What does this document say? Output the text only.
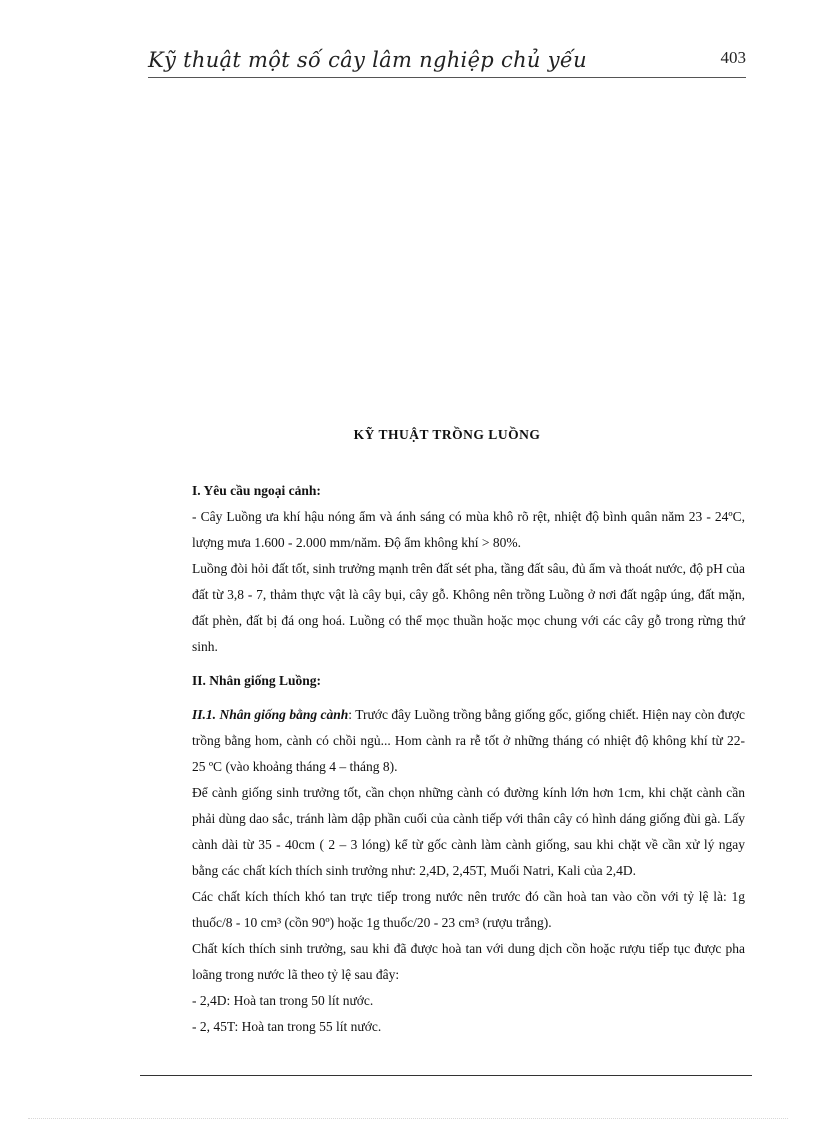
Kỹ thuật một số cây lâm nghiệp chủ yếu	403
KỸ THUẬT TRỒNG LUỒNG

I. Yêu cầu ngoại cảnh:

- Cây Luồng ưa khí hậu nóng ẩm và ánh sáng có mùa khô rõ rệt, nhiệt độ bình quân năm 23 - 24ºC, lượng mưa 1.600 - 2.000 mm/năm. Độ ẩm không khí > 80%.

Luồng đòi hỏi đất tốt, sinh trưởng mạnh trên đất sét pha, tầng đất sâu, đủ ẩm và thoát nước, độ pH của đất từ 3,8 - 7, thảm thực vật là cây bụi, cây gỗ. Không nên trồng Luồng ở nơi đất ngập úng, đất mặn, đất phèn, đất bị đá ong hoá. Luồng có thể mọc thuần hoặc mọc chung với các cây gỗ trong rừng thứ sinh.

II. Nhân giống Luồng:

II.1. Nhân giống bằng cành: Trước đây Luồng trồng bằng giống gốc, giống chiết. Hiện nay còn được trồng bằng hom, cành có chồi ngủ... Hom cành ra rễ tốt ở những tháng có nhiệt độ không khí từ 22- 25 ºC (vào khoảng tháng 4 – tháng 8).

Để cành giống sinh trưởng tốt, cần chọn những cành có đường kính lớn hơn 1cm, khi chặt cành cần phải dùng dao sắc, tránh làm dập phần cuối của cành tiếp với thân cây có hình dáng giống đùi gà. Lấy cành dài từ 35 - 40cm ( 2 – 3 lóng) kể từ gốc cành làm cành giống, sau khi chặt về cần xử lý ngay bằng các chất kích thích sinh trưởng như: 2,4D, 2,45T, Muối Natri, Kali của 2,4D.

Các chất kích thích khó tan trực tiếp trong nước nên trước đó cần hoà tan vào cồn với tỷ lệ là: 1g thuốc/8 - 10 cm³ (cồn 90º) hoặc 1g thuốc/20 - 23 cm³ (rượu trắng).

Chất kích thích sinh trưởng, sau khi đã được hoà tan với dung dịch cồn hoặc rượu tiếp tục được pha loãng trong nước lã theo tỷ lệ sau đây:

- 2,4D: Hoà tan trong 50 lít nước.

- 2, 45T: Hoà tan trong 55 lít nước.
